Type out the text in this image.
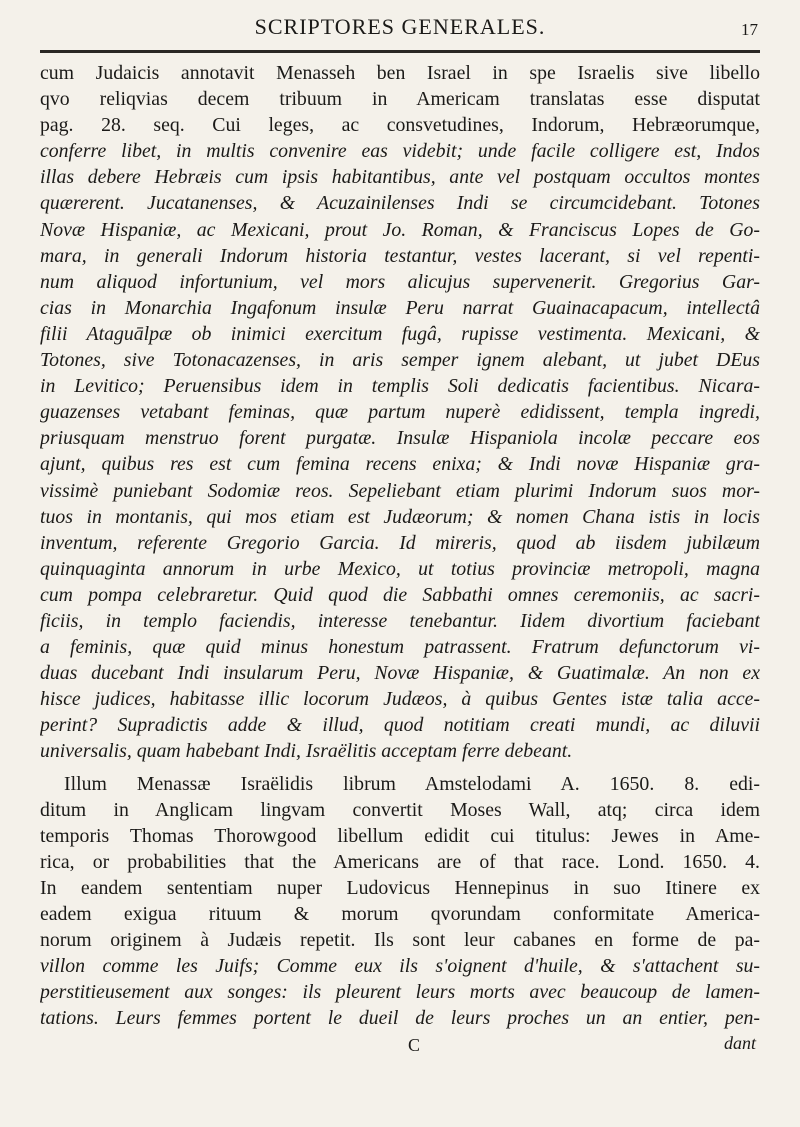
SCRIPTORES GENERALES.	17

cum Judaicis annotavit Menasseh ben Israel in spe Israelis sive libello
qvo reliqvias decem tribuum in Americam translatas esse disputat
pag. 28. seq. Cui leges, ac consvetudines, Indorum, Hebræorumque,
conferre libet, in multis convenire eas videbit; unde facile colligere est, Indos
illas debere Hebræis cum ipsis habitantibus, ante vel postquam occultos montes
quærerent. Jucatanenses, & Acuzainilenses Indi se circumcidebant. Totones
Novæ Hispaniæ, ac Mexicani, prout Jo. Roman, & Franciscus Lopes de Go-
mara, in generali Indorum historia testantur, vestes lacerant, si vel repenti-
num aliquod infortunium, vel mors alicujus supervenerit. Gregorius Gar-
cias in Monarchia Ingafonum insulæ Peru narrat Guainacapacum, intellectâ
filii Ataguālpæ ob inimici exercitum fugâ, rupisse vestimenta. Mexicani, &
Totones, sive Totonacazenses, in aris semper ignem alebant, ut jubet DEus
in Levitico; Peruensibus idem in templis Soli dedicatis facientibus. Nicara-
guazenses vetabant feminas, quæ partum nuperè edidissent, templa ingredi,
priusquam menstruo forent purgatæ. Insulæ Hispaniola incolæ peccare eos
ajunt, quibus res est cum femina recens enixa; & Indi novæ Hispaniæ gra-
vissimè puniebant Sodomiæ reos. Sepeliebant etiam plurimi Indorum suos mor-
tuos in montanis, qui mos etiam est Judæorum; & nomen Chana istis in locis
inventum, referente Gregorio Garcia. Id mireris, quod ab iisdem jubilæum
quinquaginta annorum in urbe Mexico, ut totius provinciæ metropoli, magna
cum pompa celebraretur. Quid quod die Sabbathi omnes ceremoniis, ac sacri-
ficiis, in templo faciendis, interesse tenebantur. Iidem divortium faciebant
a feminis, quæ quid minus honestum patrassent. Fratrum defunctorum vi-
duas ducebant Indi insularum Peru, Novæ Hispaniæ, & Guatimalæ. An non ex
hisce judices, habitasse illic locorum Judæos, à quibus Gentes istæ talia acce-
perint? Supradictis adde & illud, quod notitiam creati mundi, ac diluvii
universalis, quam habebant Indi, Israëlitis acceptam ferre debeant.

Illum Menassæ Israëlidis librum Amstelodami A. 1650. 8. edi-
ditum in Anglicam lingvam convertit Moses Wall, atq; circa idem
temporis Thomas Thorowgood libellum edidit cui titulus: Jewes in Ame-
rica, or probabilities that the Americans are of that race. Lond. 1650. 4.
In eandem sententiam nuper Ludovicus Hennepinus in suo Itinere ex
eadem exigua rituum & morum qvorundam conformitate America-
norum originem à Judæis repetit. Ils sont leur cabanes en forme de pa-
villon comme les Juifs; Comme eux ils s'oignent d'huile, & s'attachent su-
perstitieusement aux songes: ils pleurent leurs morts avec beaucoup de lamen-
tations. Leurs femmes portent le dueil de leurs proches un an entier, pen-

C	dant
